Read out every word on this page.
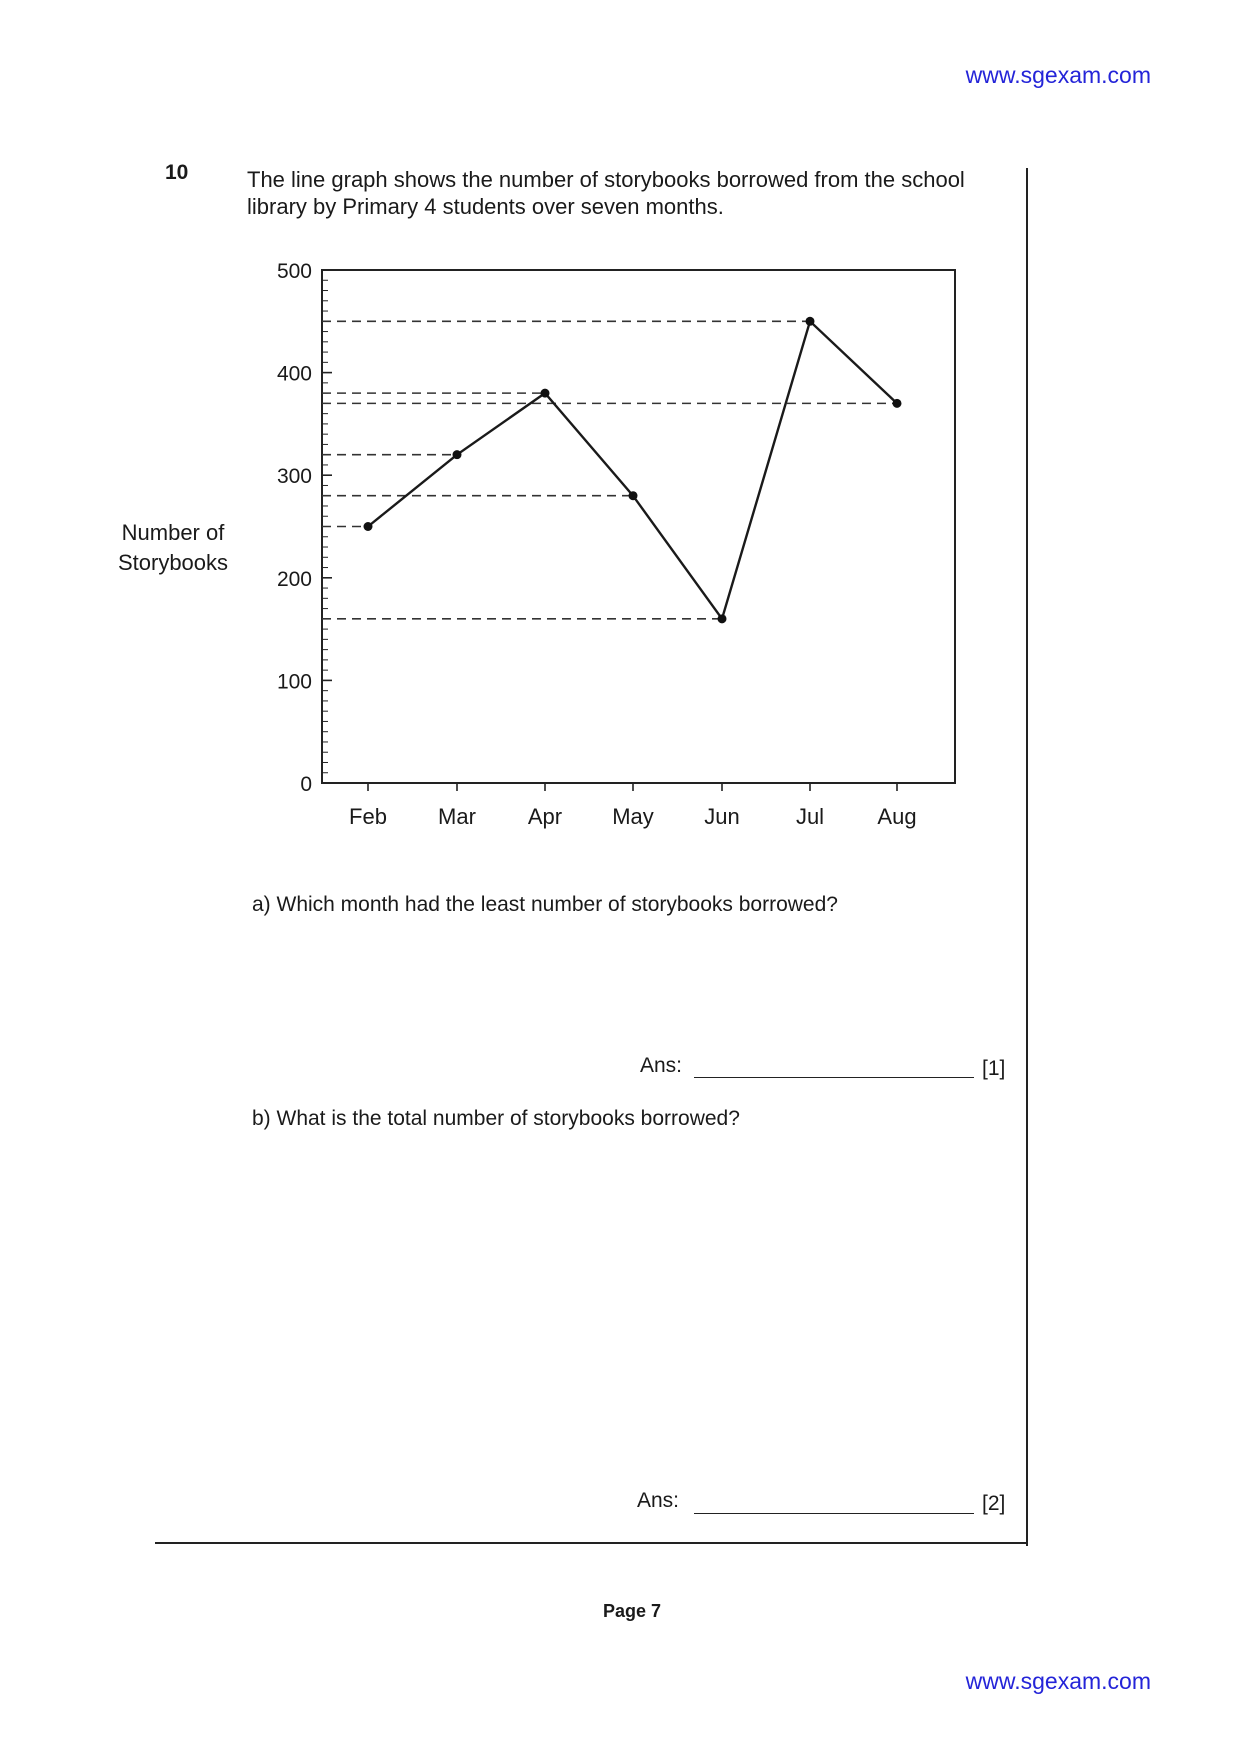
www.sgexam.com
10	The line graph shows the number of storybooks borrowed from the school library by Primary 4 students over seven months.
Number of
Storybooks
0
100
200
300
400
500
Feb Mar Apr May Jun	Jul Aug
a) Which month had the least number of storybooks borrowed?
Ans:	[1]
b) What is the total number of storybooks borrowed?
Ans:	[2]
Page 7
www.sgexam.com
